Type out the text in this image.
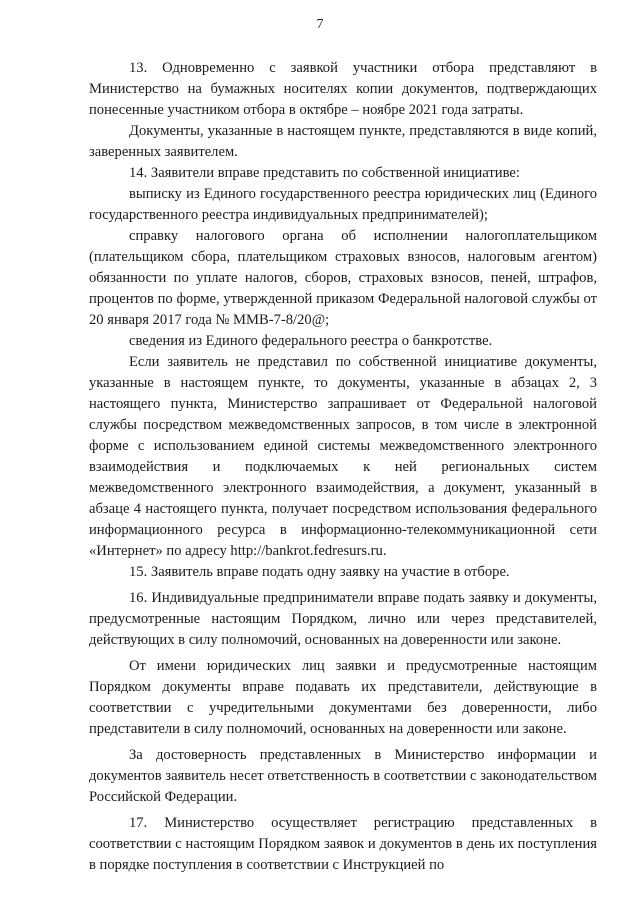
7

13. Одновременно с заявкой участники отбора представляют в Министерство на бумажных носителях копии документов, подтверждающих понесенные участником отбора в октябре – ноябре 2021 года затраты.

Документы, указанные в настоящем пункте, представляются в виде копий, заверенных заявителем.

14. Заявители вправе представить по собственной инициативе:

выписку из Единого государственного реестра юридических лиц (Единого государственного реестра индивидуальных предпринимателей);

справку налогового органа об исполнении налогоплательщиком (плательщиком сбора, плательщиком страховых взносов, налоговым агентом) обязанности по уплате налогов, сборов, страховых взносов, пеней, штрафов, процентов по форме, утвержденной приказом Федеральной налоговой службы от 20 января 2017 года № ММВ-7-8/20@;

сведения из Единого федерального реестра о банкротстве.

Если заявитель не представил по собственной инициативе документы, указанные в настоящем пункте, то документы, указанные в абзацах 2, 3 настоящего пункта, Министерство запрашивает от Федеральной налоговой службы посредством межведомственных запросов, в том числе в электронной форме с использованием единой системы межведомственного электронного взаимодействия и подключаемых к ней региональных систем межведомственного электронного взаимодействия, а документ, указанный в абзаце 4 настоящего пункта, получает посредством использования федерального информационного ресурса в информационно-телекоммуникационной сети «Интернет» по адресу http://bankrot.fedresurs.ru.

15. Заявитель вправе подать одну заявку на участие в отборе.

16. Индивидуальные предприниматели вправе подать заявку и документы, предусмотренные настоящим Порядком, лично или через представителей, действующих в силу полномочий, основанных на доверенности или законе.

От имени юридических лиц заявки и предусмотренные настоящим Порядком документы вправе подавать их представители, действующие в соответствии с учредительными документами без доверенности, либо представители в силу полномочий, основанных на доверенности или законе.

За достоверность представленных в Министерство информации и документов заявитель несет ответственность в соответствии с законодательством Российской Федерации.

17. Министерство осуществляет регистрацию представленных в соответствии с настоящим Порядком заявок и документов в день их поступления в порядке поступления в соответствии с Инструкцией по
